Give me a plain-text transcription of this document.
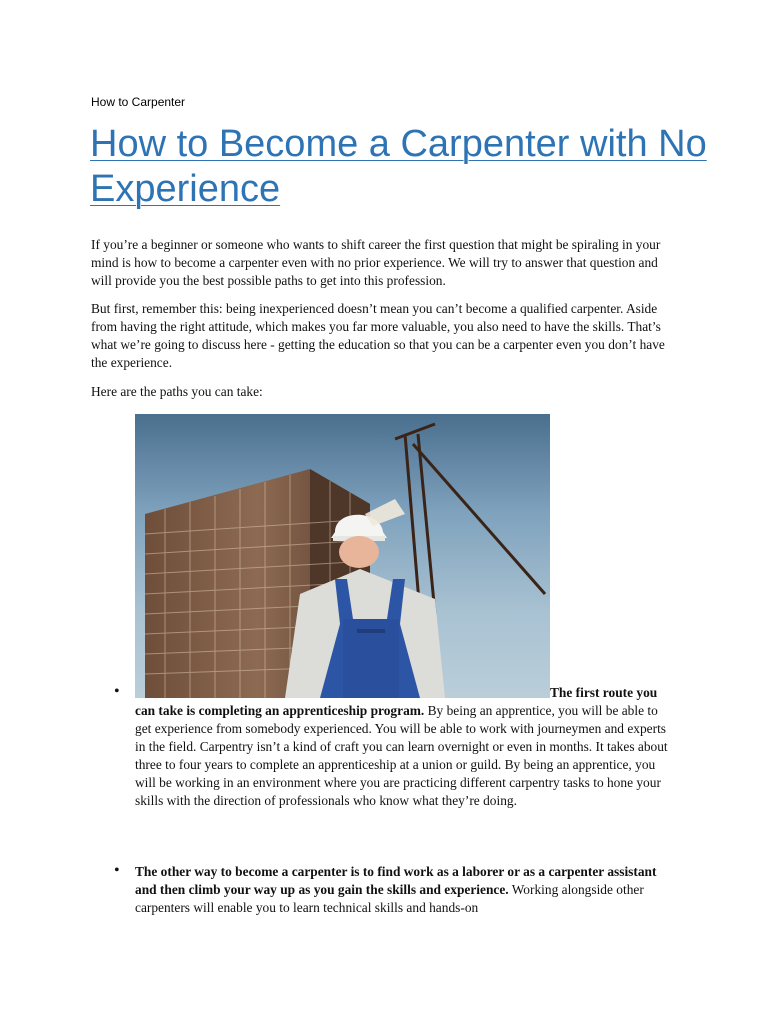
How to Carpenter
How to Become a Carpenter with No Experience

If you’re a beginner or someone who wants to shift career the first question that might be spiraling in your mind is how to become a carpenter even with no prior experience. We will try to answer that question and will provide you the best possible paths to get into this profession.

But first, remember this: being inexperienced doesn’t mean you can’t become a qualified carpenter. Aside from having the right attitude, which makes you far more valuable, you also need to have the skills. That’s what we’re going to discuss here - getting the education so that you can be a carpenter even you don’t have the experience.

Here are the paths you can take:

•	The first route you
can take is completing an apprenticeship program. By being an apprentice, you will be able to get experience from somebody experienced. You will be able to work with journeymen and experts in the field. Carpentry isn’t a kind of craft you can learn overnight or even in months. It takes about three to four years to complete an apprenticeship at a union or guild. By being an apprentice, you will be working in an environment where you are practicing different carpentry tasks to hone your skills with the direction of professionals who know what they’re doing.
• The other way to become a carpenter is to find work as a laborer or as a carpenter assistant and then climb your way up as you gain the skills and experience. Working alongside other carpenters will enable you to learn technical skills and hands-on
